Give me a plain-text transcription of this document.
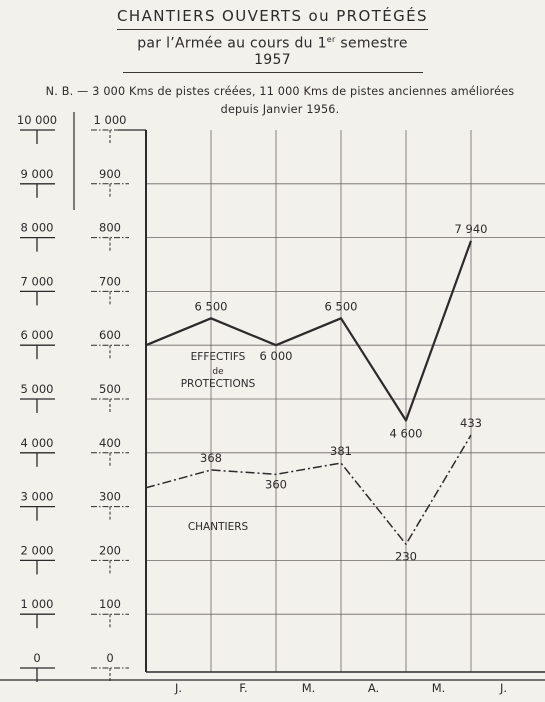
CHANTIERS OUVERTS ou PROTÉGÉS
par l’Armée au cours du 1er semestre 1957
N. B. — 3 000 Kms de pistes créées, 11 000 Kms de pistes anciennes améliorées
depuis Janvier 1956.
0
1 000
2 000
3 000
4 000
5 000
6 000
7 000
8 000
9 000
10 000
0
100
200
300
400
500
600
700
800
900
1 000
J.	F.	M.	A.	M.	J.
6 500
6 000
6 500
4 600
7 940
368
360
381
230
433
EFFECTIFS
de
PROTECTIONS
CHANTIERS
